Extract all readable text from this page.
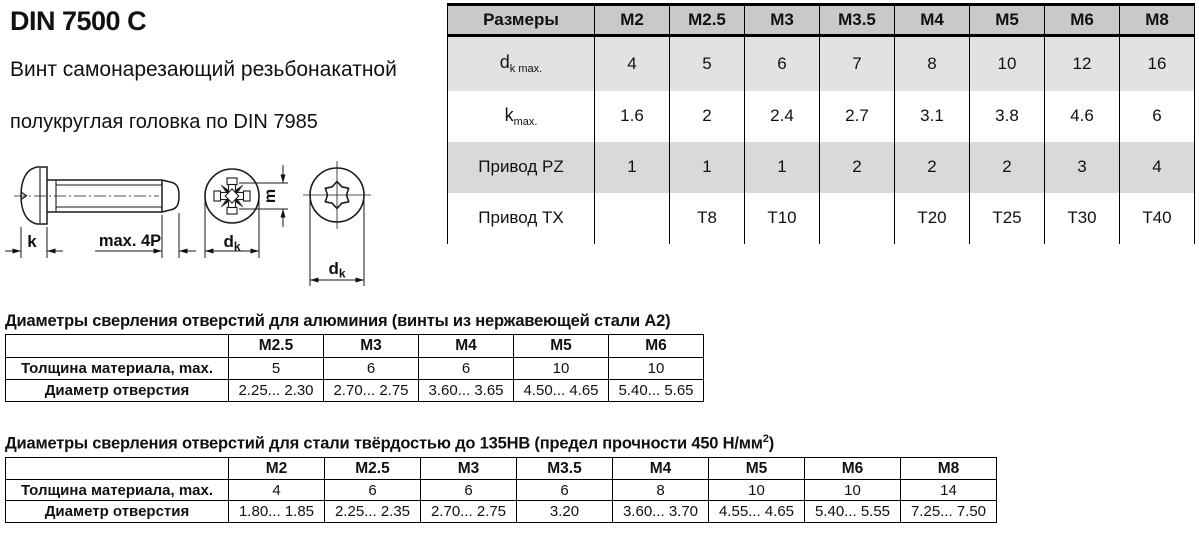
DIN 7500 C
Винт самонарезающий резьбонакатной
полукруглая головка по DIN 7985
k	max. 4P
m
$d_k$
$d_k$
Размеры	M2	M2.5	M3	M3.5	M4	M5	M6	M8
$d_{k max.}$	4	5	6	7	8	10	12	16
$k_{max.}$	1.6	2	2.4	2.7	3.1	3.8	4.6	6
Привод PZ	1	1	1	2	2	2	3	4
Привод TX		T8	T10		T20	T25	T30	T40
Диаметры сверления отверстий для алюминия (винты из нержавеющей стали А2)
	M2.5	M3	M4	M5	M6
Толщина материала, max.	5	6	6	10	10
Диаметр отверстия	2.25... 2.30	2.70... 2.75	3.60... 3.65	4.50... 4.65	5.40... 5.65
Диаметры сверления отверстий для стали твёрдостью до 135HB (предел прочности 450 $Н/мм^2$)
	M2	M2.5	M3	M3.5	M4	M5	M6	M8
Толщина материала, max.	4	6	6	6	8	10	10	14
Диаметр отверстия	1.80... 1.85	2.25... 2.35	2.70... 2.75	3.20	3.60... 3.70	4.55... 4.65	5.40... 5.55	7.25... 7.50
